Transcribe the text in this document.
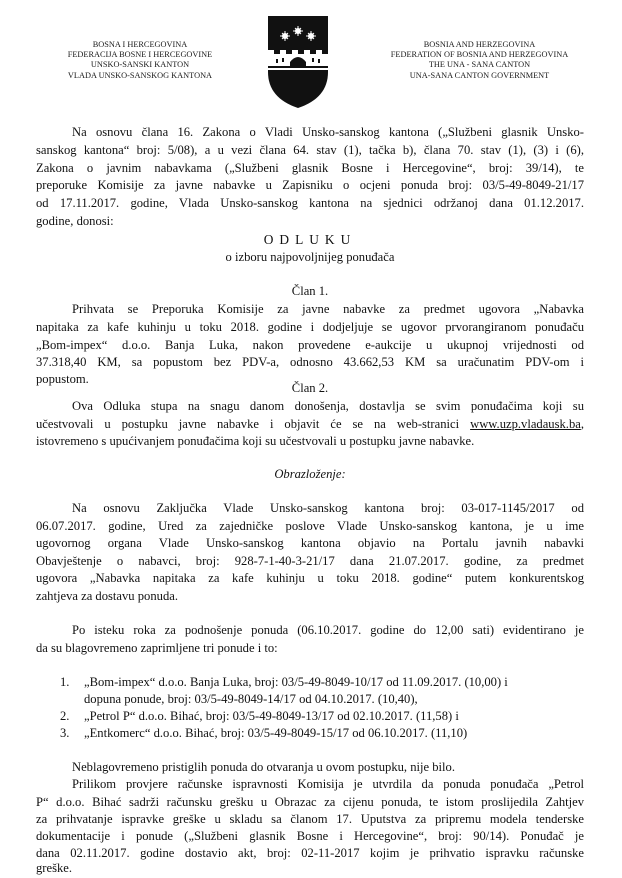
BOSNA I HERCEGOVINA
FEDERACIJA BOSNE I HERCEGOVINE
UNSKO-SANSKI KANTON
VLADA UNSKO-SANSKOG KANTONA
BOSNIA AND HERZEGOVINA
FEDERATION OF BOSNIA AND HERZEGOVINA
THE UNA - SANA CANTON
UNA-SANA CANTON GOVERNMENT
Na osnovu člana 16. Zakona o Vladi Unsko-sanskog kantona („Službeni glasnik Unsko-
sanskog kantona“ broj: 5/08), a u vezi člana 64. stav (1), tačka b), člana 70. stav (1), (3) i (6),
Zakona o javnim nabavkama („Službeni glasnik Bosne i Hercegovine“, broj: 39/14), te
preporuke Komisije za javne nabavke u Zapisniku o ocjeni ponuda broj: 03/5-49-8049-21/17
od 17.11.2017. godine, Vlada Unsko-sanskog kantona na sjednici održanoj dana 01.12.2017.
godine, donosi:
ODLUKU
o izboru najpovoljnijeg ponuđača
Član 1.
Prihvata se Preporuka Komisije za javne nabavke za predmet ugovora „Nabavka
napitaka za kafe kuhinju u toku 2018. godine i dodjeljuje se ugovor prvorangiranom ponuđaču
„Bom-impex“ d.o.o. Banja Luka, nakon provedene e-aukcije u ukupnoj vrijednosti od
37.318,40 KM, sa popustom bez PDV-a, odnosno 43.662,53 KM sa uračunatim PDV-om i
popustom.
Član 2.
Ova Odluka stupa na snagu danom donošenja, dostavlja se svim ponuđačima koji su
učestvovali u postupku javne nabavke i objavit će se na web-stranici www.uzp.vladausk.ba,
istovremeno s upućivanjem ponuđačima koji su učestvovali u postupku javne nabavke.
Obrazloženje:
Na osnovu Zaključka Vlade Unsko-sanskog kantona broj: 03-017-1145/2017 od
06.07.2017. godine, Ured za zajedničke poslove Vlade Unsko-sanskog kantona, je u ime
ugovornog organa Vlade Unsko-sanskog kantona objavio na Portalu javnih nabavki
Obavještenje o nabavci, broj: 928-7-1-40-3-21/17 dana 21.07.2017. godine, za predmet
ugovora „Nabavka napitaka za kafe kuhinju u toku 2018. godine“ putem konkurentskog
zahtjeva za dostavu ponuda.
Po isteku roka za podnošenje ponuda (06.10.2017. godine do 12,00 sati) evidentirano je
da su blagovremeno zaprimljene tri ponude i to:
1. „Bom-impex“ d.o.o. Banja Luka, broj: 03/5-49-8049-10/17 od 11.09.2017. (10,00) i
dopuna ponude, broj: 03/5-49-8049-14/17 od 04.10.2017. (10,40),
2. „Petrol P“ d.o.o. Bihać, broj: 03/5-49-8049-13/17 od 02.10.2017. (11,58) i
3. „Entkomerc“ d.o.o. Bihać, broj: 03/5-49-8049-15/17 od 06.10.2017. (11,10)
Neblagovremeno pristiglih ponuda do otvaranja u ovom postupku, nije bilo.
Prilikom provjere računske ispravnosti Komisija je utvrdila da ponuda ponuđača „Petrol
P“ d.o.o. Bihać sadrži računsku grešku u Obrazac za cijenu ponuda, te istom proslijedila Zahtjev
za prihvatanje ispravke greške u skladu sa članom 17. Uputstva za pripremu modela tenderske
dokumentacije i ponude („Službeni glasnik Bosne i Hercegovine“, broj: 90/14). Ponuđač je
dana 02.11.2017. godine dostavio akt, broj: 02-11-2017 kojim je prihvatio ispravku računske
greške.
